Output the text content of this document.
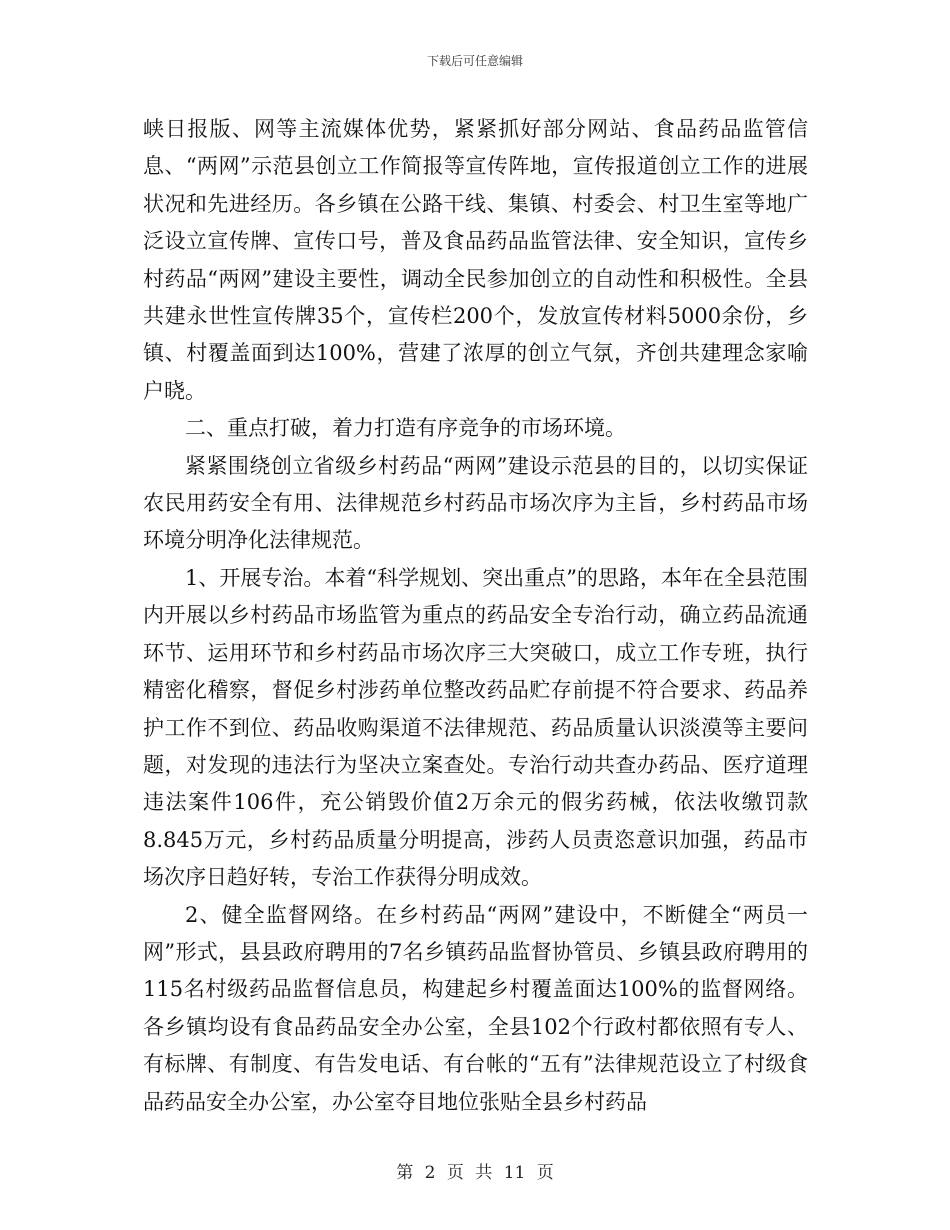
下载后可任意编辑

峡日报版、网等主流媒体优势，紧紧抓好部分网站、食品药品监管信息、“两网”示范县创立工作简报等宣传阵地，宣传报道创立工作的进展状况和先进经历。各乡镇在公路干线、集镇、村委会、村卫生室等地广泛设立宣传牌、宣传口号，普及食品药品监管法律、安全知识，宣传乡村药品“两网”建设主要性，调动全民参加创立的自动性和积极性。全县共建永世性宣传牌35个，宣传栏200个，发放宣传材料5000余份，乡镇、村覆盖面到达100%，营建了浓厚的创立气氛，齐创共建理念家喻户晓。

二、重点打破，着力打造有序竞争的市场环境。

紧紧围绕创立省级乡村药品“两网”建设示范县的目的，以切实保证农民用药安全有用、法律规范乡村药品市场次序为主旨，乡村药品市场环境分明净化法律规范。

1、开展专治。本着“科学规划、突出重点”的思路，本年在全县范围内开展以乡村药品市场监管为重点的药品安全专治行动，确立药品流通环节、运用环节和乡村药品市场次序三大突破口，成立工作专班，执行精密化稽察，督促乡村涉药单位整改药品贮存前提不符合要求、药品养护工作不到位、药品收购渠道不法律规范、药品质量认识淡漠等主要问题，对发现的违法行为坚决立案查处。专治行动共查办药品、医疗道理违法案件106件，充公销毁价值2万余元的假劣药械，依法收缴罚款8.845万元，乡村药品质量分明提高，涉药人员责恣意识加强，药品市场次序日趋好转，专治工作获得分明成效。

2、健全监督网络。在乡村药品“两网”建设中，不断健全“两员一网”形式，县县政府聘用的7名乡镇药品监督协管员、乡镇县政府聘用的115名村级药品监督信息员，构建起乡村覆盖面达100%的监督网络。各乡镇均设有食品药品安全办公室，全县102个行政村都依照有专人、有标牌、有制度、有告发电话、有台帐的“五有”法律规范设立了村级食品药品安全办公室，办公室夺目地位张贴全县乡村药品

第 2 页 共 11 页
